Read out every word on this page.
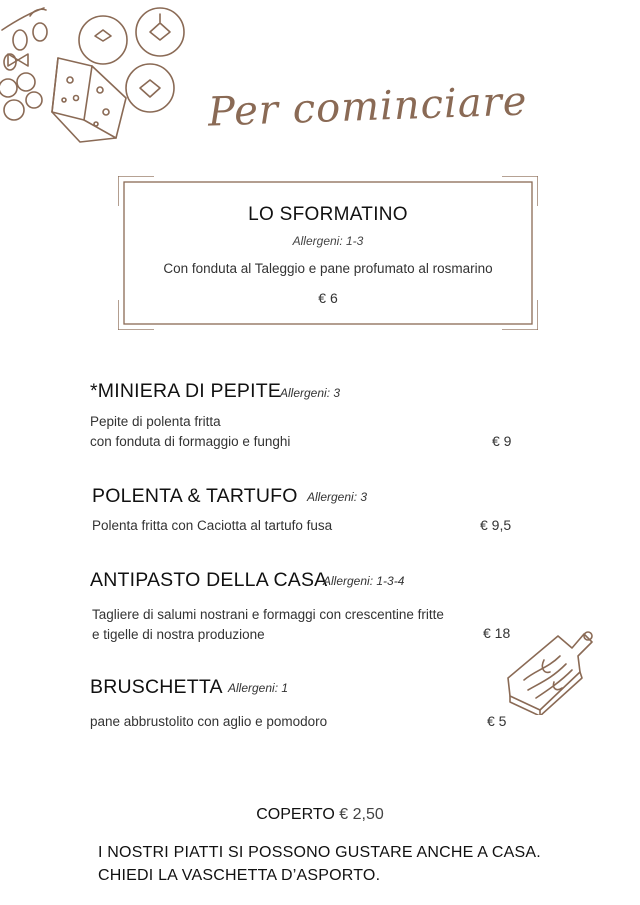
Per cominciare
LO SFORMATINO
Allergeni: 1-3
Con fonduta al Taleggio e pane profumato al rosmarino
€ 6
*MINIERA DI PEPITE
Allergeni: 3
Pepite di polenta fritta
con fonduta di formaggio e funghi	€ 9
POLENTA & TARTUFO Allergeni: 3
Polenta fritta con Caciotta al tartufo fusa	€ 9,5
ANTIPASTO DELLA CASA
Allergeni: 1-3-4
Tagliere di salumi nostrani e formaggi con crescentine fritte
e tigelle di nostra produzione	€ 18
BRUSCHETTA Allergeni: 1
pane abbrustolito con aglio e pomodoro	€ 5
COPERTO € 2,50
I NOSTRI PIATTI SI POSSONO GUSTARE ANCHE A CASA.
CHIEDI LA VASCHETTA D’ASPORTO.
